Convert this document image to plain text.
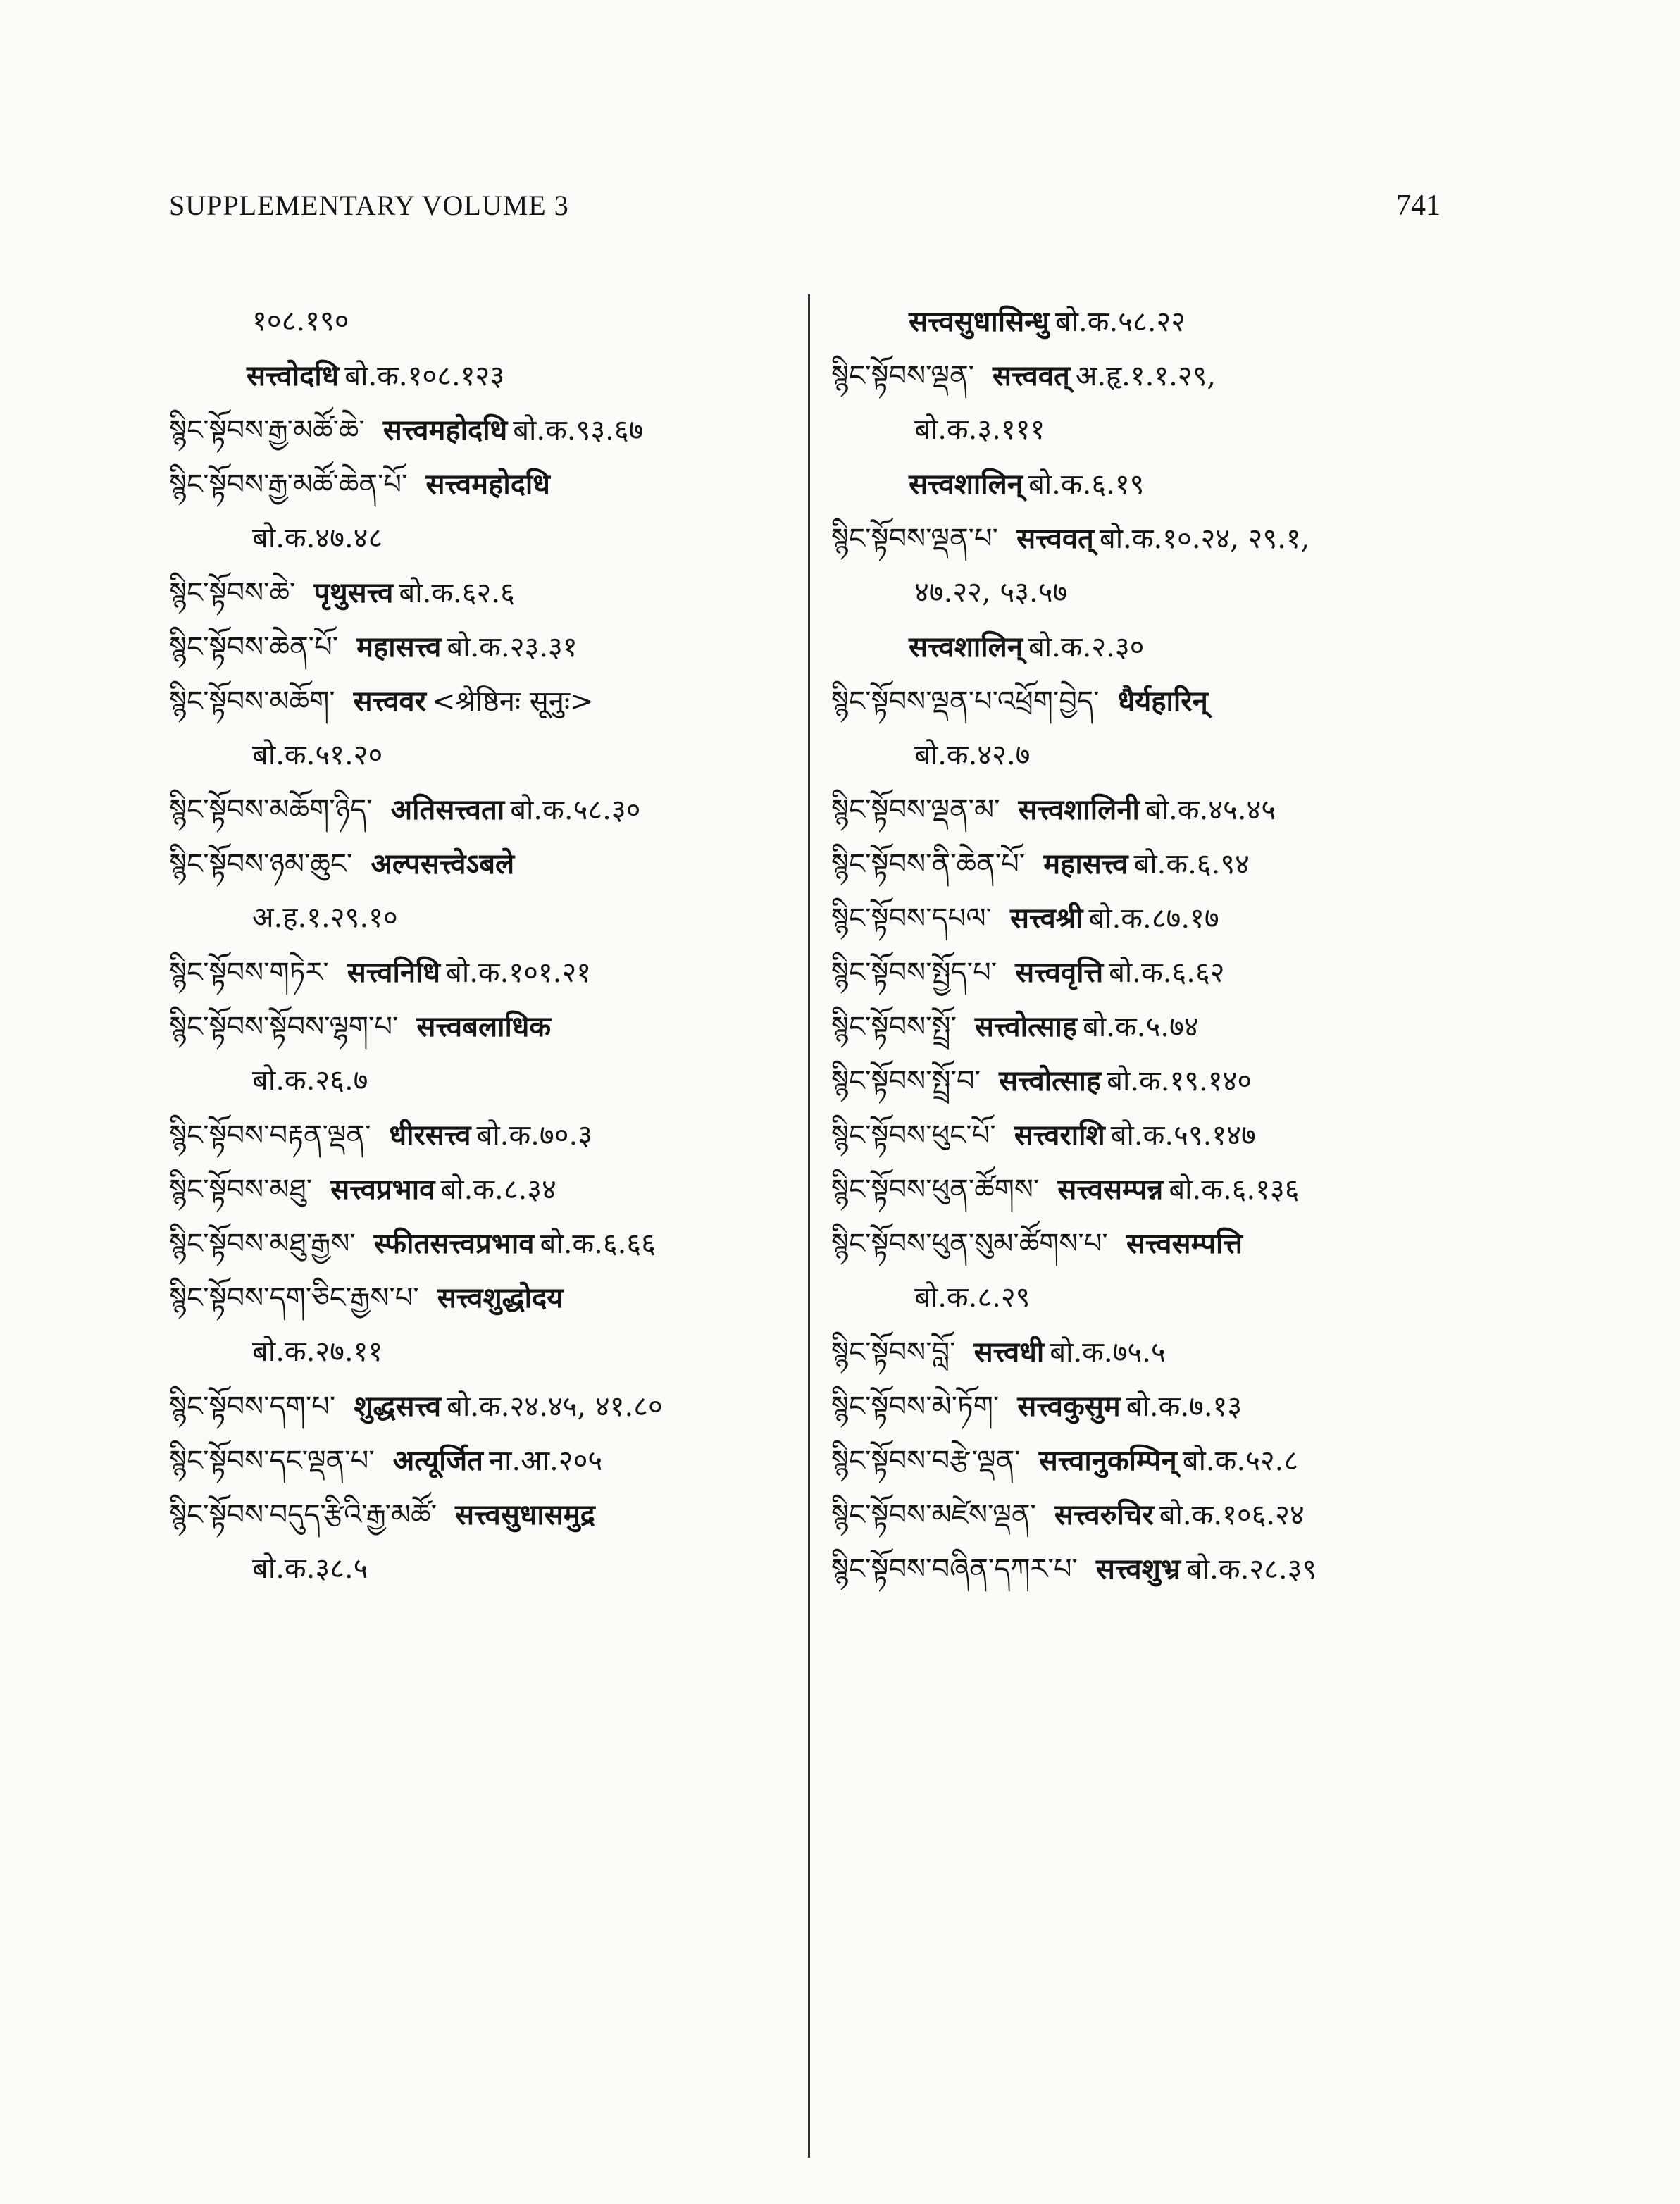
SUPPLEMENTARY VOLUME 3	741
१०८.१९०
सत्त्वोदधि बो.क.१०८.१२३
སྙིང་སྟོབས་རྒྱ་མཚོ་ཆེ་ सत्त्वमहोदधि बो.क.९३.६७
སྙིང་སྟོབས་རྒྱ་མཚོ་ཆེན་པོ་ सत्त्वमहोदधि
बो.क.४७.४८
སྙིང་སྟོབས་ཆེ་ पृथुसत्त्व बो.क.६२.६
སྙིང་སྟོབས་ཆེན་པོ་ महासत्त्व बो.क.२३.३१
སྙིང་སྟོབས་མཆོག་ सत्त्ववर <श्रेष्ठिनः सूनुः>
बो.क.५१.२०
སྙིང་སྟོབས་མཆོག་ཉིད་ अतिसत्त्वता बो.क.५८.३०
སྙིང་སྟོབས་ཉམ་ཆུང་ अल्पसत्त्वेऽबले
अ.ह.१.२९.१०
སྙིང་སྟོབས་གཏེར་ सत्त्वनिधि बो.क.१०१.२१
སྙིང་སྟོབས་སྟོབས་ལྷག་པ་ सत्त्वबलाधिक
बो.क.२६.७
སྙིང་སྟོབས་བརྟན་ལྡན་ धीरसत्त्व बो.क.७०.३
སྙིང་སྟོབས་མཐུ་ सत्त्वप्रभाव बो.क.८.३४
སྙིང་སྟོབས་མཐུ་རྒྱས་ स्फीतसत्त्वप्रभाव बो.क.६.६६
སྙིང་སྟོབས་དག་ཅིང་རྒྱས་པ་ सत्त्वशुद्धोदय
बो.क.२७.११
སྙིང་སྟོབས་དག་པ་ शुद्धसत्त्व बो.क.२४.४५, ४१.८०
སྙིང་སྟོབས་དང་ལྡན་པ་ अत्यूर्जित ना.आ.२०५
སྙིང་སྟོབས་བདུད་རྩིའི་རྒྱ་མཚོ་ सत्त्वसुधासमुद्र
बो.क.३८.५
सत्त्वसुधासिन्धु बो.क.५८.२२
སྙིང་སྟོབས་ལྡན་ सत्त्ववत् अ.हृ.१.१.२९,
बो.क.३.१११
सत्त्वशालिन् बो.क.६.१९
སྙིང་སྟོབས་ལྡན་པ་ सत्त्ववत् बो.क.१०.२४, २९.१,
४७.२२, ५३.५७
सत्त्वशालिन् बो.क.२.३०
སྙིང་སྟོབས་ལྡན་པ་འཕྲོག་བྱེད་ धैर्यहारिन्
बो.क.४२.७
སྙིང་སྟོབས་ལྡན་མ་ सत्त्वशालिनी बो.क.४५.४५
སྙིང་སྟོབས་ནི་ཆེན་པོ་ महासत्त्व बो.क.६.९४
སྙིང་སྟོབས་དཔལ་ सत्त्वश्री बो.क.८७.१७
སྙིང་སྟོབས་སྤྱོད་པ་ सत्त्ववृत्ति बो.क.६.६२
སྙིང་སྟོབས་སྤྲོ་ सत्त्वोत्साह बो.क.५.७४
སྙིང་སྟོབས་སྤྲོ་བ་ सत्त्वोत्साह बो.क.१९.१४०
སྙིང་སྟོབས་ཕུང་པོ་ सत्त्वराशि बो.क.५९.१४७
སྙིང་སྟོབས་ཕུན་ཚོགས་ सत्त्वसम्पन्न बो.क.६.१३६
སྙིང་སྟོབས་ཕུན་སུམ་ཚོགས་པ་ सत्त्वसम्पत्ति
बो.क.८.२९
སྙིང་སྟོབས་བློ་ सत्त्वधी बो.क.७५.५
སྙིང་སྟོབས་མེ་ཏོག་ सत्त्वकुसुम बो.क.७.१३
སྙིང་སྟོབས་བརྩེ་ལྡན་ सत्त्वानुकम्पिन् बो.क.५२.८
སྙིང་སྟོབས་མཛེས་ལྡན་ सत्त्वरुचिर बो.क.१०६.२४
སྙིང་སྟོབས་བཞིན་དཀར་པ་ सत्त्वशुभ्र बो.क.२८.३९
